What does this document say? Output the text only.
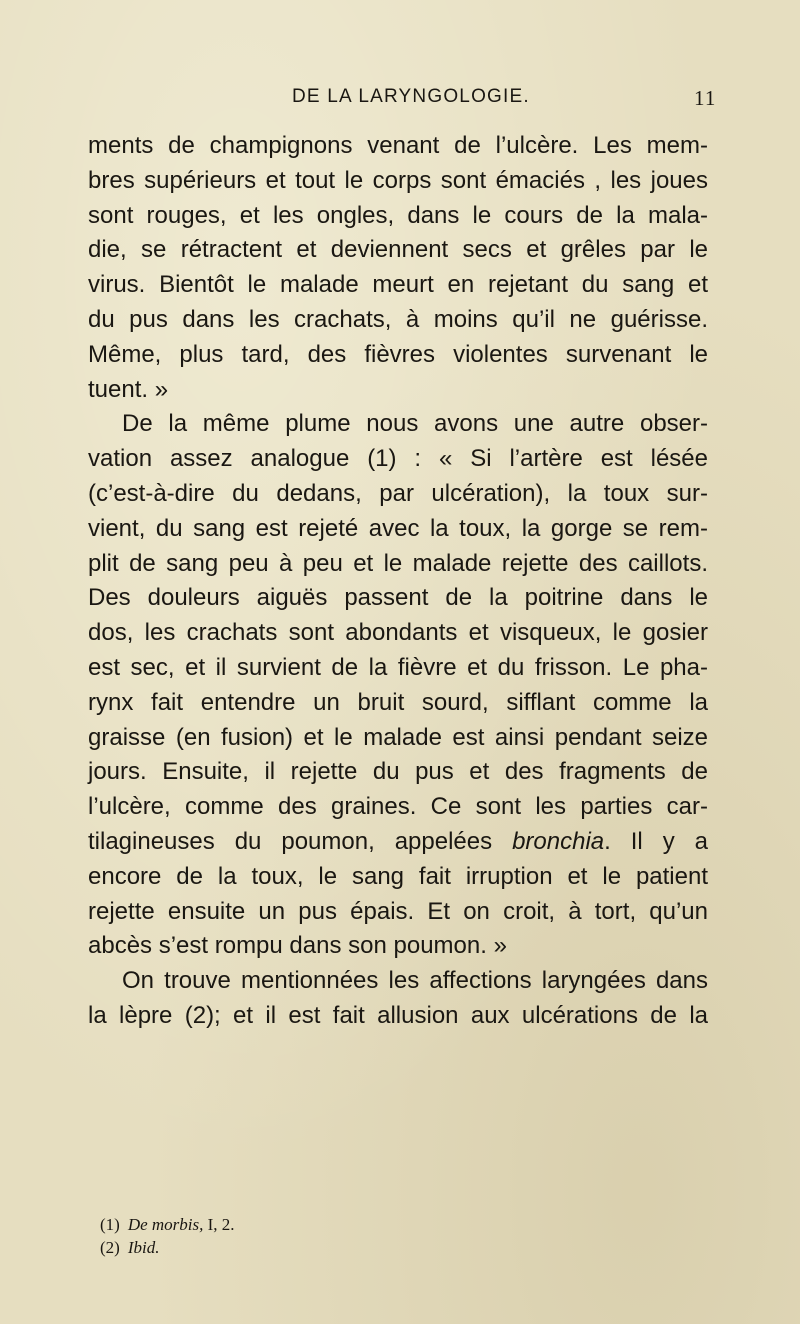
DE LA LARYNGOLOGIE.	11
ments de champignons venant de l’ulcère. Les mem-
bres supérieurs et tout le corps sont émaciés , les joues
sont rouges, et les ongles, dans le cours de la mala-
die, se rétractent et deviennent secs et grêles par le
virus. Bientôt le malade meurt en rejetant du sang et
du pus dans les crachats, à moins qu’il ne guérisse.
Même, plus tard, des fièvres violentes survenant le
tuent. »
De la même plume nous avons une autre obser-
vation assez analogue (1) : « Si l’artère est lésée
(c’est-à-dire du dedans, par ulcération), la toux sur-
vient, du sang est rejeté avec la toux, la gorge se rem-
plit de sang peu à peu et le malade rejette des caillots.
Des douleurs aiguës passent de la poitrine dans le
dos, les crachats sont abondants et visqueux, le gosier
est sec, et il survient de la fièvre et du frisson. Le pha-
rynx fait entendre un bruit sourd, sifflant comme la
graisse (en fusion) et le malade est ainsi pendant seize
jours. Ensuite, il rejette du pus et des fragments de
l’ulcère, comme des graines. Ce sont les parties car-
tilagineuses du poumon, appelées bronchia. Il y a
encore de la toux, le sang fait irruption et le patient
rejette ensuite un pus épais. Et on croit, à tort, qu’un
abcès s’est rompu dans son poumon. »
On trouve mentionnées les affections laryngées dans
la lèpre (2); et il est fait allusion aux ulcérations de la
(1) De morbis, I, 2.
(2) Ibid.
